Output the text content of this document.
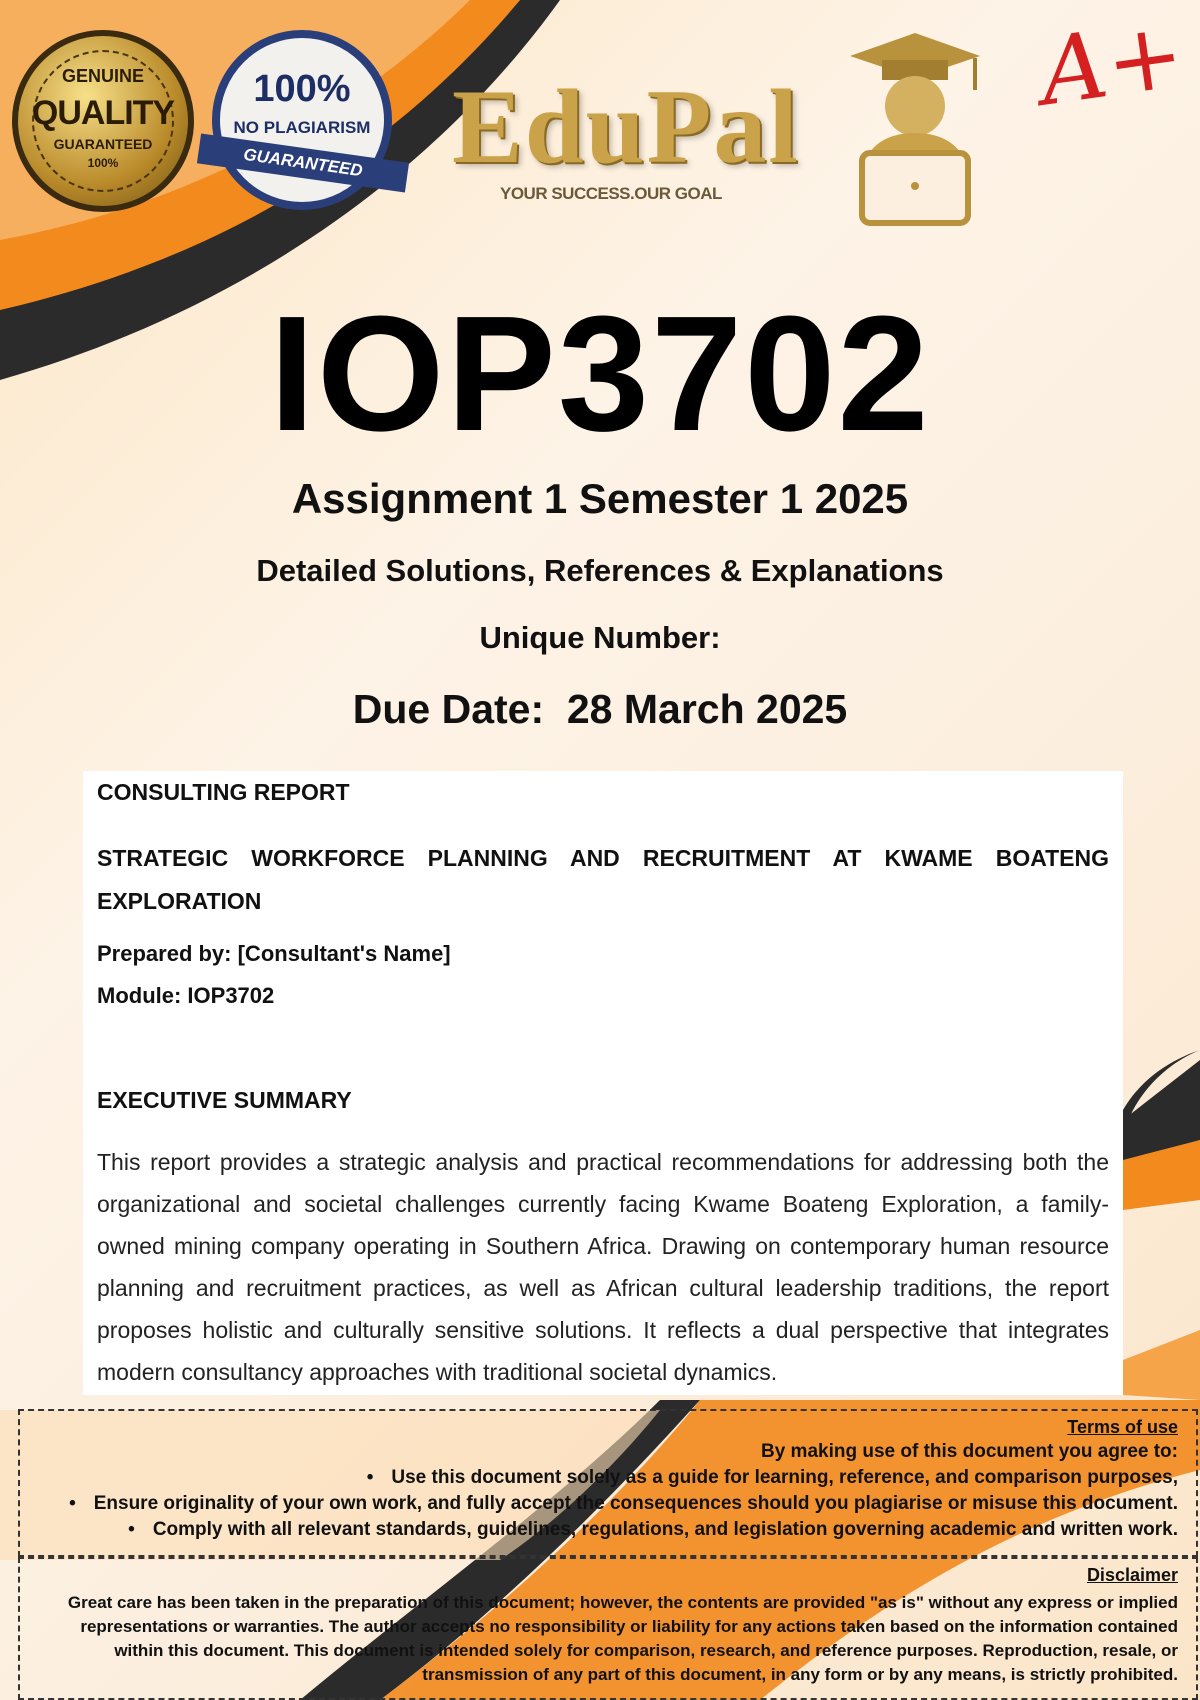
GENUINE
QUALITY
GUARANTEED
100%
100%
NO PLAGIARISM
GUARANTEED EduPal
YOUR SUCCESS.OUR GOAL
A+
IOP3702
Assignment 1 Semester 1 2025
Detailed Solutions, References & Explanations
Unique Number:
Due Date:  28 March 2025
CONSULTING REPORT
STRATEGIC WORKFORCE PLANNING AND RECRUITMENT AT KWAME BOATENG EXPLORATION
Prepared by: [Consultant's Name]
Module: IOP3702
EXECUTIVE SUMMARY
This report provides a strategic analysis and practical recommendations for addressing both the organizational and societal challenges currently facing Kwame Boateng Exploration, a family-owned mining company operating in Southern Africa. Drawing on contemporary human resource planning and recruitment practices, as well as African cultural leadership traditions, the report proposes holistic and culturally sensitive solutions. It reflects a dual perspective that integrates modern consultancy approaches with traditional societal dynamics.
Terms of use
By making use of this document you agree to:
• Use this document solely as a guide for learning, reference, and comparison purposes,
• Ensure originality of your own work, and fully accept the consequences should you plagiarise or misuse this document.
• Comply with all relevant standards, guidelines, regulations, and legislation governing academic and written work.
Disclaimer
Great care has been taken in the preparation of this document; however, the contents are provided "as is" without any express or implied representations or warranties. The author accepts no responsibility or liability for any actions taken based on the information contained within this document. This document is intended solely for comparison, research, and reference purposes. Reproduction, resale, or transmission of any part of this document, in any form or by any means, is strictly prohibited.
